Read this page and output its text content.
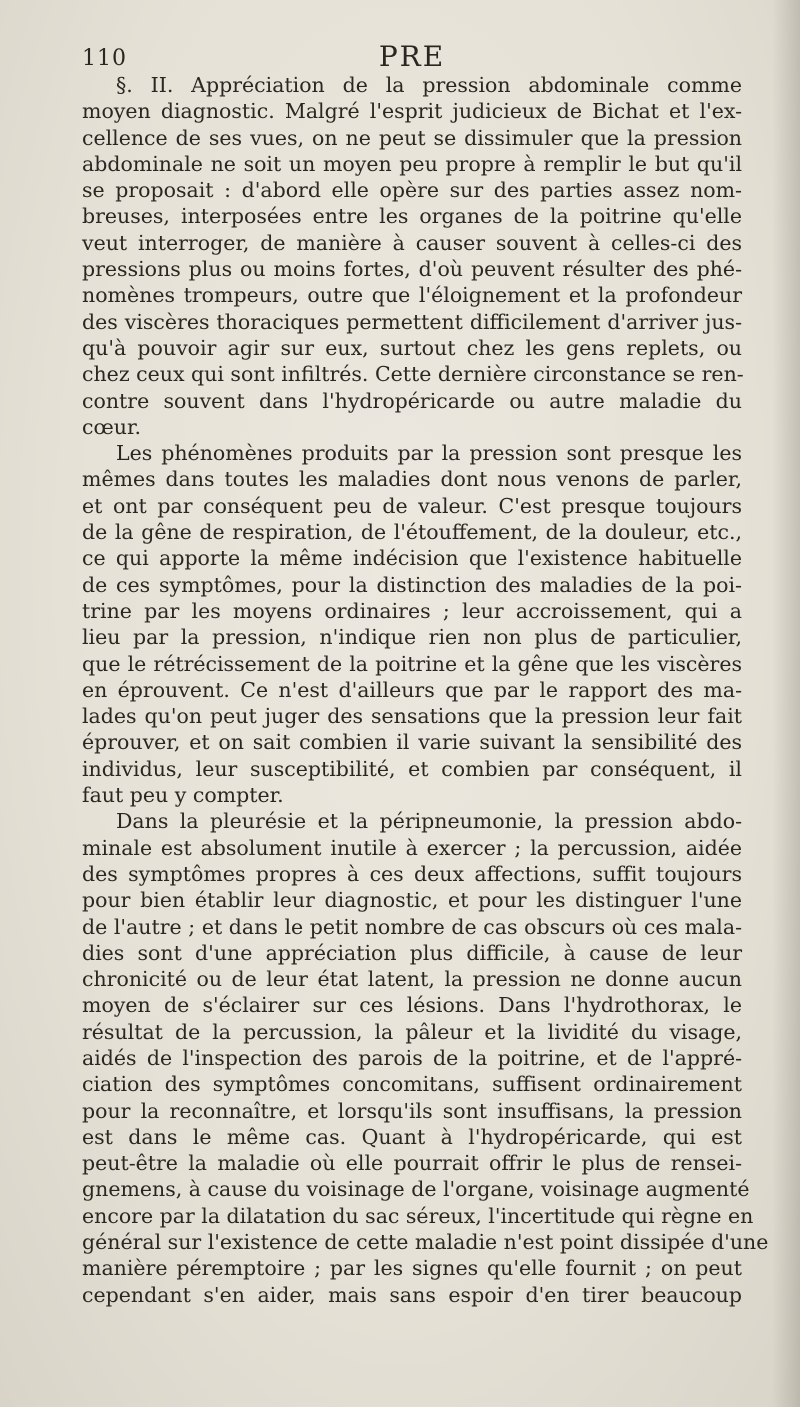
110	PRE
§. II. Appréciation de la pression abdominale comme
moyen diagnostic. Malgré l'esprit judicieux de Bichat et l'ex-
cellence de ses vues, on ne peut se dissimuler que la pression
abdominale ne soit un moyen peu propre à remplir le but qu'il
se proposait : d'abord elle opère sur des parties assez nom-
breuses, interposées entre les organes de la poitrine qu'elle
veut interroger, de manière à causer souvent à celles-ci des
pressions plus ou moins fortes, d'où peuvent résulter des phé-
nomènes trompeurs, outre que l'éloignement et la profondeur
des viscères thoraciques permettent difficilement d'arriver jus-
qu'à pouvoir agir sur eux, surtout chez les gens replets, ou
chez ceux qui sont infiltrés. Cette dernière circonstance se ren-
contre souvent dans l'hydropéricarde ou autre maladie du
cœur.
Les phénomènes produits par la pression sont presque les
mêmes dans toutes les maladies dont nous venons de parler,
et ont par conséquent peu de valeur. C'est presque toujours
de la gêne de respiration, de l'étouffement, de la douleur, etc.,
ce qui apporte la même indécision que l'existence habituelle
de ces symptômes, pour la distinction des maladies de la poi-
trine par les moyens ordinaires ; leur accroissement, qui a
lieu par la pression, n'indique rien non plus de particulier,
que le rétrécissement de la poitrine et la gêne que les viscères
en éprouvent. Ce n'est d'ailleurs que par le rapport des ma-
lades qu'on peut juger des sensations que la pression leur fait
éprouver, et on sait combien il varie suivant la sensibilité des
individus, leur susceptibilité, et combien par conséquent, il
faut peu y compter.
Dans la pleurésie et la péripneumonie, la pression abdo-
minale est absolument inutile à exercer ; la percussion, aidée
des symptômes propres à ces deux affections, suffit toujours
pour bien établir leur diagnostic, et pour les distinguer l'une
de l'autre ; et dans le petit nombre de cas obscurs où ces mala-
dies sont d'une appréciation plus difficile, à cause de leur
chronicité ou de leur état latent, la pression ne donne aucun
moyen de s'éclairer sur ces lésions. Dans l'hydrothorax, le
résultat de la percussion, la pâleur et la lividité du visage,
aidés de l'inspection des parois de la poitrine, et de l'appré-
ciation des symptômes concomitans, suffisent ordinairement
pour la reconnaître, et lorsqu'ils sont insuffisans, la pression
est dans le même cas. Quant à l'hydropéricarde, qui est
peut-être la maladie où elle pourrait offrir le plus de rensei-
gnemens, à cause du voisinage de l'organe, voisinage augmenté
encore par la dilatation du sac séreux, l'incertitude qui règne en
général sur l'existence de cette maladie n'est point dissipée d'une
manière péremptoire ; par les signes qu'elle fournit ; on peut
cependant s'en aider, mais sans espoir d'en tirer beaucoup
